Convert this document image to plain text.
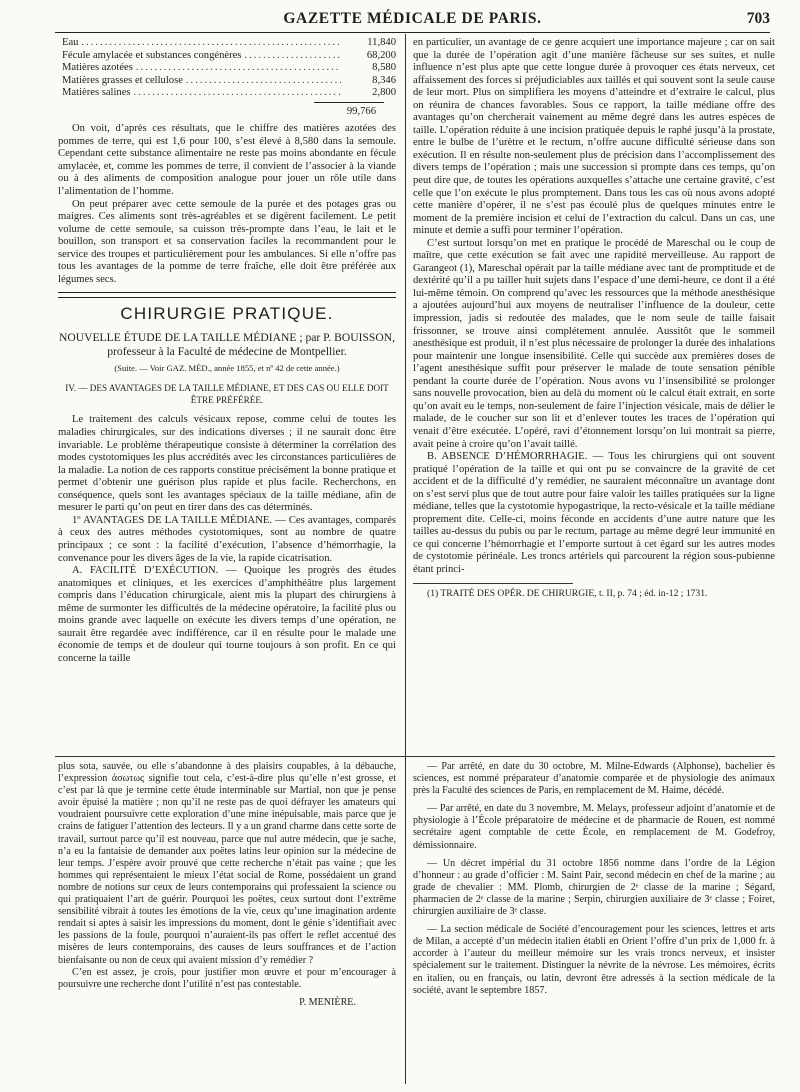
GAZETTE MÉDICALE DE PARIS.	703
Eau .....	11,840
Fécule amylacée et substances congénères .....	68,200
Matières azotées .....	8,580
Matières grasses et cellulose .....	8,346
Matières salines .....	2,800
99,766

On voit, d’après ces résultats, que le chiffre des matières azotées des pommes de terre, qui est 1,6 pour 100, s’est élevé à 8,580 dans la semoule. Cependant cette substance alimentaire ne reste pas moins abondante en fécule amylacée, et, comme les pommes de terre, il convient de l’associer à la viande ou à des aliments de composition analogue pour jouer un rôle utile dans l’alimentation de l’homme.

On peut préparer avec cette semoule de la purée et des potages gras ou maigres. Ces aliments sont très-agréables et se digèrent facilement. Le petit volume de cette semoule, sa cuisson très-prompte dans l’eau, le lait et le bouillon, son transport et sa conservation faciles la recommandent pour le service des troupes et particulièrement pour les ambulances. Si elle n’offre pas tous les avantages de la pomme de terre fraîche, elle doit être préférée aux légumes secs.

CHIRURGIE PRATIQUE.
NOUVELLE ÉTUDE DE LA TAILLE MÉDIANE ; par P. BOUISSON, professeur à la Faculté de médecine de Montpellier.
(Suite. — Voir GAZ. MÉD., année 1855, et nº 42 de cette année.)
IV. — DES AVANTAGES DE LA TAILLE MÉDIANE, ET DES CAS OU ELLE DOIT ÊTRE PRÉFÉRÉE.

Le traitement des calculs vésicaux repose, comme celui de toutes les maladies chirurgicales, sur des indications diverses ; il ne saurait donc être invariable. Le problème thérapeutique consiste à déterminer la corrélation des modes cystotomiques les plus accrédités avec les circonstances particulières de la maladie. La notion de ces rapports constitue précisément la bonne pratique et permet d’obtenir une guérison plus rapide et plus facile. Recherchons, en conséquence, quels sont les avantages spéciaux de la taille médiane, afin de mesurer le parti qu’on peut en tirer dans des cas déterminés.

1º AVANTAGES DE LA TAILLE MÉDIANE. — Ces avantages, comparés à ceux des autres méthodes cystotomiques, sont au nombre de quatre principaux ; ce sont : la facilité d’exécution, l’absence d’hémorrhagie, la convenance pour les divers âges de la vie, la rapide cicatrisation.

A. FACILITÉ D’EXÉCUTION. — Quoique les progrès des études anatomiques et cliniques, et les exercices d’amphithéâtre plus largement compris dans l’éducation chirurgicale, aient mis la plupart des chirurgiens à même de surmonter les difficultés de la médecine opératoire, la facilité plus ou moins grande avec laquelle on exécute les divers temps d’une opération, ne saurait être regardée avec indifférence, car il en résulte pour le malade une économie de temps et de douleur qui tourne toujours à son profit. En ce qui concerne la taille

en particulier, un avantage de ce genre acquiert une importance majeure ; car on sait que la durée de l’opération agit d’une manière fâcheuse sur ses suites, et nulle influence n’est plus apte que cette longue durée à provoquer ces états nerveux, cet affaissement des forces si préjudiciables aux taillés et qui souvent sont la seule cause de leur mort. Plus on simplifiera les moyens d’atteindre et d’extraire le calcul, plus on réunira de chances favorables. Sous ce rapport, la taille médiane offre des avantages qu’on chercherait vainement au même degré dans les autres espèces de taille. L’opération réduite à une incision pratiquée depuis le raphé jusqu’à la prostate, entre le bulbe de l’urètre et le rectum, n’offre aucune difficulté sérieuse dans son exécution. Il en résulte non-seulement plus de précision dans l’accomplissement des divers temps de l’opération ; mais une succession si prompte dans ces temps, qu’on peut dire que, de toutes les opérations auxquelles s’attache une certaine gravité, c’est celle que l’on exécute le plus promptement. Dans tous les cas où nous avons adopté cette manière d’opérer, il ne s’est pas écoulé plus de quelques minutes entre le moment de la première incision et celui de l’extraction du calcul. Dans un cas, une minute et demie a suffi pour terminer l’opération.

C’est surtout lorsqu’on met en pratique le procédé de Mareschal ou le coup de maître, que cette exécution se fait avec une rapidité merveilleuse. Au rapport de Garangeot (1), Mareschal opérait par la taille médiane avec tant de promptitude et de dextérité qu’il a pu tailler huit sujets dans l’espace d’une demi-heure, ce dont il a été lui-même témoin. On comprend qu’avec les ressources que la méthode anesthésique a ajoutées aujourd’hui aux moyens de neutraliser l’influence de la douleur, cette impression, jadis si redoutée des malades, que le nom seule de taille faisait frissonner, se trouve ainsi complétement annulée. Aussitôt que le sommeil anesthésique est produit, il n’est plus nécessaire de prolonger la durée des inhalations pour maintenir une longue insensibilité. Celle qui succède aux premières doses de l’agent anesthésique suffit pour préserver le malade de toute sensation pénible pendant la courte durée de l’opération. Nous avons vu l’insensibilité se prolonger sans nouvelle provocation, bien au delà du moment où le calcul était extrait, en sorte qu’on avait eu le temps, non-seulement de faire l’injection vésicale, mais de délier le malade, de le coucher sur son lit et d’enlever toutes les traces de l’opération qui venait d’être exécutée. L’opéré, ravi d’étonnement lorsqu’on lui montrait sa pierre, avait peine à croire qu’on l’avait taillé.

B. ABSENCE D’HÉMORRHAGIE. — Tous les chirurgiens qui ont souvent pratiqué l’opération de la taille et qui ont pu se convaincre de la gravité de cet accident et de la difficulté d’y remédier, ne sauraient méconnaître un avantage dont on s’est servi plus que de tout autre pour faire valoir les tailles pratiquées sur la ligne médiane, telles que la cystotomie hypogastrique, la recto-vésicale et la taille médiane proprement dite. Celle-ci, moins féconde en accidents d’une autre nature que les tailles au-dessus du pubis ou par le rectum, partage au même degré leur immunité en ce qui concerne l’hémorrhagie et l’emporte surtout à cet égard sur les autres modes de cystotomie périnéale. Les troncs artériels qui parcourent la région sous-pubienne étant princi-

(1) TRAITÉ DES OPÉR. DE CHIRURGIE, t. II, p. 74 ; éd. in-12 ; 1731.

plus sota, sauvée, ou elle s’abandonne à des plaisirs coupables, à la débauche, l’expression ἀσωτως signifie tout cela, c’est-à-dire plus qu’elle n’est grosse, et c’est par là que je termine cette étude interminable sur Martial, non que je pense avoir épuisé la matière ; non qu’il ne reste pas de quoi défrayer les amateurs qui voudraient poursuivre cette exploration d’une mine inépuisable, mais parce que je crains de fatiguer l’attention des lecteurs. Il y a un grand charme dans cette sorte de travail, surtout parce qu’il est nouveau, parce que nul autre médecin, que je sache, n’a eu la fantaisie de demander aux poëtes latins leur opinion sur la médecine de leur temps. J’espère avoir prouvé que cette recherche n’était pas vaine ; que les hommes qui représentaient le mieux l’état social de Rome, possédaient un grand nombre de notions sur ceux de leurs contemporains qui professaient la science ou qui pratiquaient l’art de guérir. Pourquoi les poëtes, ceux surtout dont l’extrême sensibilité vibrait à toutes les émotions de la vie, ceux qu’une imagination ardente rendait si aptes à saisir les impressions du moment, dont le génie s’identifiait avec les passions de la foule, pourquoi n’auraient-ils pas offert le reflet accentué des misères de leurs contemporains, des causes de leurs souffrances et de l’action bienfaisante ou non de ceux qui avaient mission d’y remédier ?

C’en est assez, je crois, pour justifier mon œuvre et pour m’encourager à poursuivre une recherche dont l’utilité n’est pas contestable.

P. MENIÈRE.

— Par arrêté, en date du 30 octobre, M. Milne-Edwards (Alphonse), bachelier ès sciences, est nommé préparateur d’anatomie comparée et de physiologie des animaux près la Faculté des sciences de Paris, en remplacement de M. Haime, décédé.

— Par arrêté, en date du 3 novembre, M. Melays, professeur adjoint d’anatomie et de physiologie à l’École préparatoire de médecine et de pharmacie de Rouen, est nommé secrétaire agent comptable de cette École, en remplacement de M. Godefroy, démissionnaire.

— Un décret impérial du 31 octobre 1856 nomme dans l’ordre de la Légion d’honneur : au grade d’officier : M. Saint Pair, second médecin en chef de la marine ; au grade de chevalier : MM. Plomb, chirurgien de 2ᵉ classe de la marine ; Ségard, pharmacien de 2ᵉ classe de la marine ; Serpin, chirurgien auxiliaire de 3ᵉ classe ; Foiret, chirurgien auxiliaire de 3ᵉ classe.

— La section médicale de Société d’encouragement pour les sciences, lettres et arts de Milan, a accepté d’un médecin italien établi en Orient l’offre d’un prix de 1,000 fr. à accorder à l’auteur du meilleur mémoire sur les vrais troncs nerveux, et insister spécialement sur le traitement. Distinguer la névrite de la névrose. Les mémoires, écrits en italien, ou en français, ou latin, devront être adressés à la section médicale de la société, avant le septembre 1857.
